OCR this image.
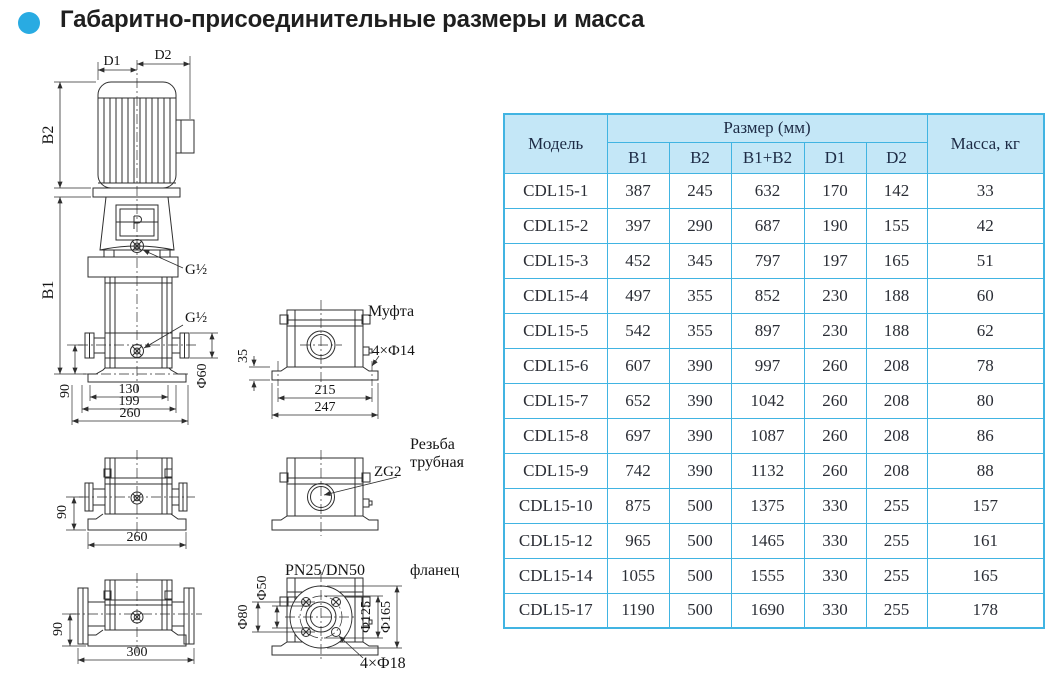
Габаритно-присоединительные размеры и масса
D1 D2
B2
B1
90
Ф60
130
199
260
G½
G½
35
215
247
Муфта
4×Ф14
ZG2
Резьба
трубная
Ф165
Ф125
Ф80
Ф50
PN25/DN50	фланец
4×Ф18
90
260
90
300
Модель	Размер (мм)					Масса, кг
	B1	B2	B1+B2	D1	D2	
CDL15-1	387	245	632	170	142	33
CDL15-2	397	290	687	190	155	42
CDL15-3	452	345	797	197	165	51
CDL15-4	497	355	852	230	188	60
CDL15-5	542	355	897	230	188	62
CDL15-6	607	390	997	260	208	78
CDL15-7	652	390	1042	260	208	80
CDL15-8	697	390	1087	260	208	86
CDL15-9	742	390	1132	260	208	88
CDL15-10	875	500	1375	330	255	157
CDL15-12	965	500	1465	330	255	161
CDL15-14	1055	500	1555	330	255	165
CDL15-17	1190	500	1690	330	255	178
